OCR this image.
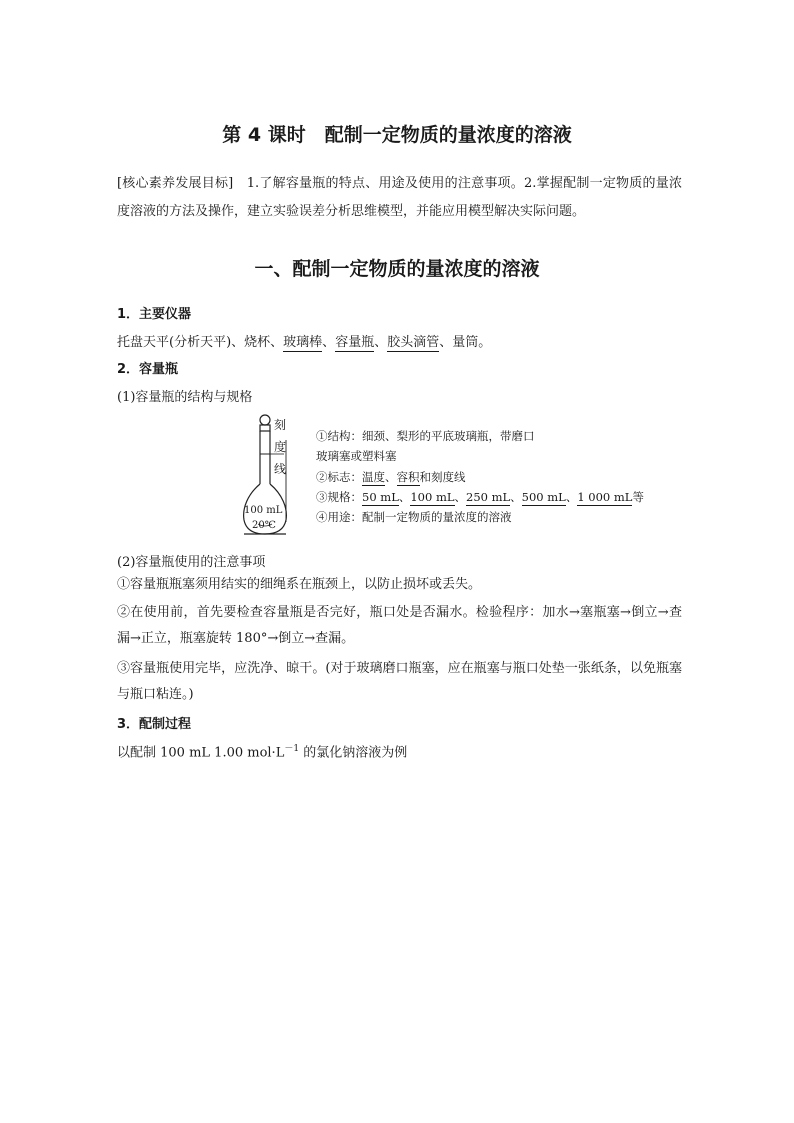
第 4 课时　配制一定物质的量浓度的溶液
[核心素养发展目标]　1.了解容量瓶的特点、用途及使用的注意事项。2.掌握配制一定物质的量浓度溶液的方法及操作，建立实验误差分析思维模型，并能应用模型解决实际问题。
一、配制一定物质的量浓度的溶液
1．主要仪器
托盘天平(分析天平)、烧杯、玻璃棒、容量瓶、胶头滴管、量筒。
2．容量瓶
(1)容量瓶的结构与规格
刻
度
线
100 mL
20℃
①结构：细颈、梨形的平底玻璃瓶，带磨口
玻璃塞或塑料塞
②标志：温度、容积和刻度线
③规格：50 mL、100 mL、250 mL、500 mL、1 000 mL等
④用途：配制一定物质的量浓度的溶液
(2)容量瓶使用的注意事项
①容量瓶瓶塞须用结实的细绳系在瓶颈上，以防止损坏或丢失。
②在使用前，首先要检查容量瓶是否完好，瓶口处是否漏水。检验程序：加水→塞瓶塞→倒立→查漏→正立，瓶塞旋转 180°→倒立→查漏。
③容量瓶使用完毕，应洗净、晾干。(对于玻璃磨口瓶塞，应在瓶塞与瓶口处垫一张纸条，以免瓶塞与瓶口粘连。)
3．配制过程
以配制 100 mL 1.00 $mol\cdot L^{-1}$ 的氯化钠溶液为例
